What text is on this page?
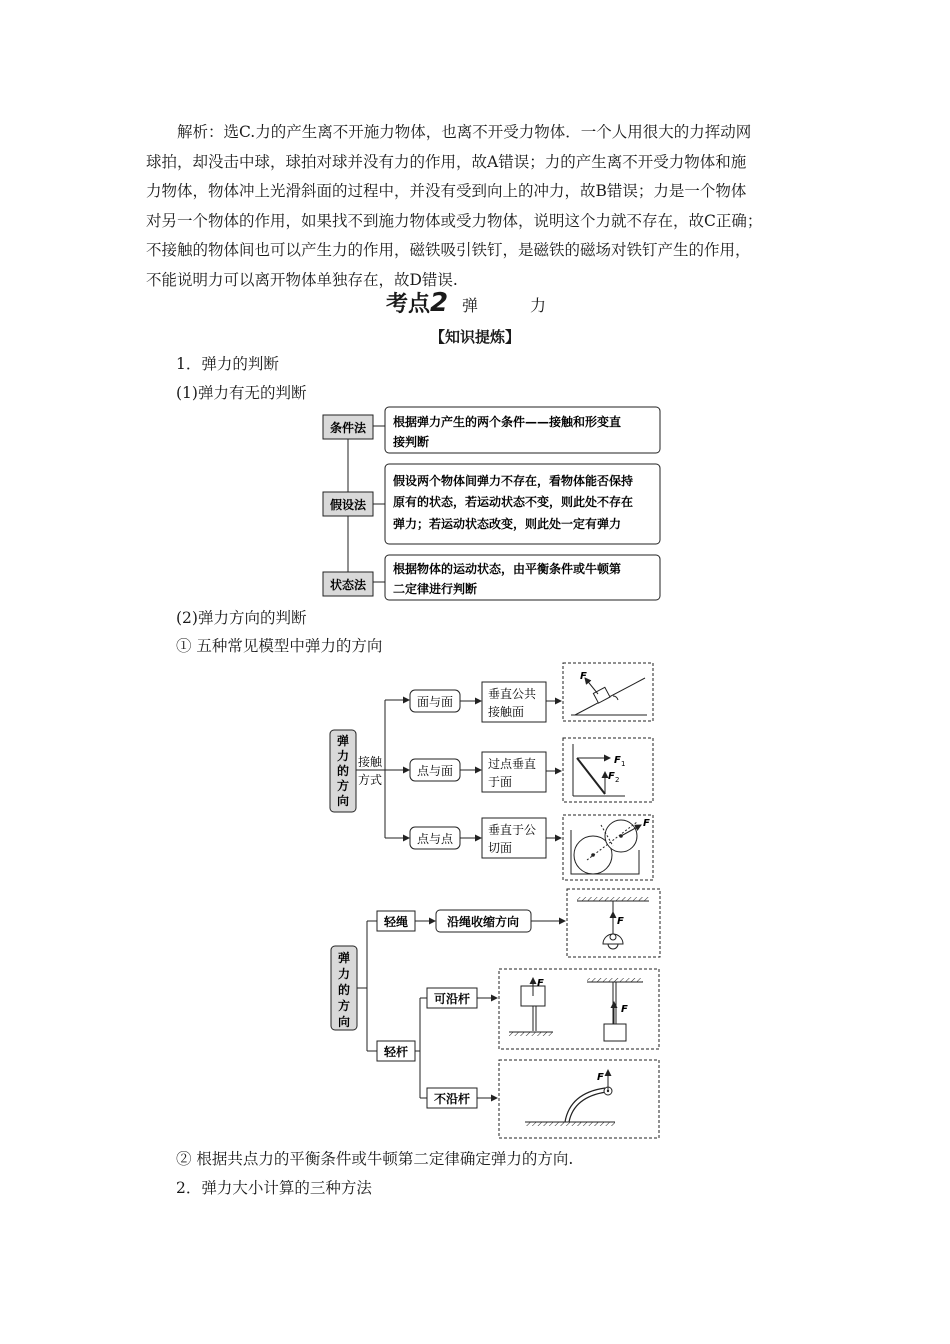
解析：选C.力的产生离不开施力物体，也离不开受力物体．一个人用很大的力挥动网

球拍，却没击中球，球拍对球并没有力的作用，故A错误；力的产生离不开受力物体和施

力物体，物体冲上光滑斜面的过程中，并没有受到向上的冲力，故B错误；力是一个物体

对另一个物体的作用，如果找不到施力物体或受力物体，说明这个力就不存在，故C正确；

不接触的物体间也可以产生力的作用，磁铁吸引铁钉，是磁铁的磁场对铁钉产生的作用，

不能说明力可以离开物体单独存在，故D错误.

考点2 弹　力
【知识提炼】
1．弹力的判断
(1)弹力有无的判断
条件法 根据弹力产生的两个条件——接触和形变直
接判断
假设法
假设两个物体间弹力不存在，看物体能否保持
原有的状态，若运动状态不变，则此处不存在
弹力；若运动状态改变，则此处一定有弹力
状态法
根据物体的运动状态，由平衡条件或牛顿第
二定律进行判断
(2)弹力方向的判断
① 五种常见模型中弹力的方向
弹
力
的
方
向
接触
方式
面与面
垂直公共
接触面
点与面	过点垂直
于面
点与点
垂直于公
切面
F
F 1
F 2
F
弹
力
的
方
向
轻绳	沿绳收缩方向	F
轻杆
可沿杆
F
F
不沿杆
F
② 根据共点力的平衡条件或牛顿第二定律确定弹力的方向.
2．弹力大小计算的三种方法
